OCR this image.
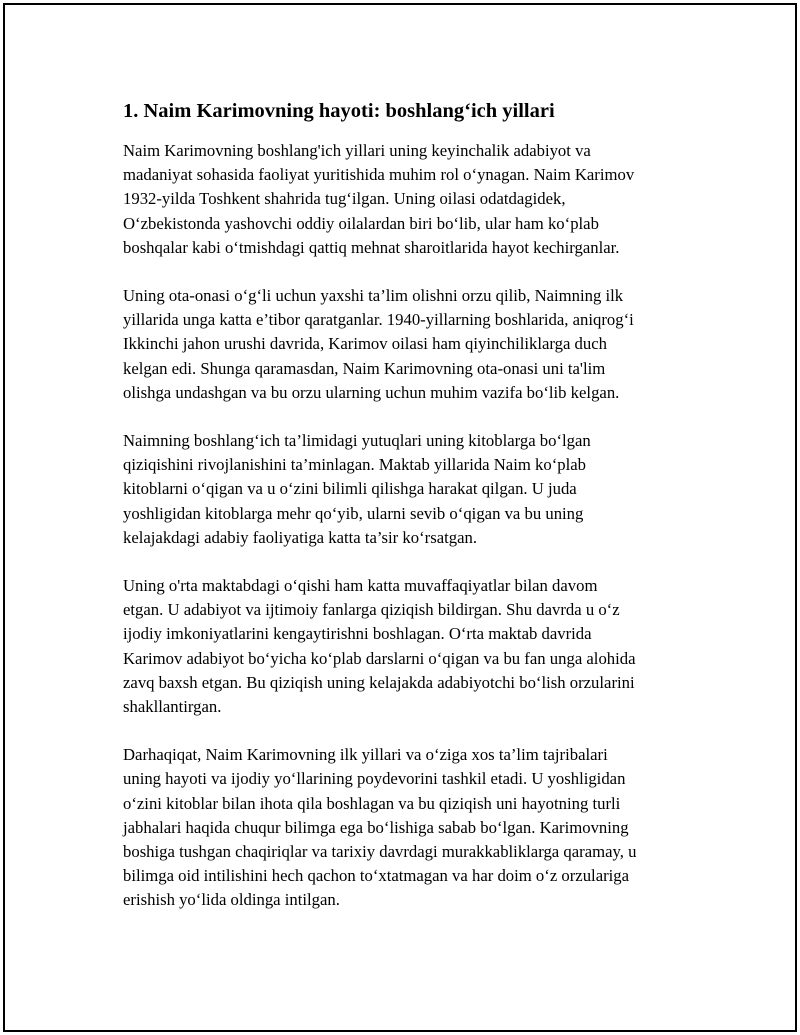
1. Naim Karimovning hayoti: boshlang‘ich yillari

Naim Karimovning boshlang'ich yillari uning keyinchalik adabiyot va
madaniyat sohasida faoliyat yuritishida muhim rol o‘ynagan. Naim Karimov
1932-yilda Toshkent shahrida tug‘ilgan. Uning oilasi odatdagidek,
O‘zbekistonda yashovchi oddiy oilalardan biri bo‘lib, ular ham ko‘plab
boshqalar kabi o‘tmishdagi qattiq mehnat sharoitlarida hayot kechirganlar.

Uning ota-onasi o‘g‘li uchun yaxshi ta’lim olishni orzu qilib, Naimning ilk
yillarida unga katta e’tibor qaratganlar. 1940-yillarning boshlarida, aniqrog‘i
Ikkinchi jahon urushi davrida, Karimov oilasi ham qiyinchiliklarga duch
kelgan edi. Shunga qaramasdan, Naim Karimovning ota-onasi uni ta'lim
olishga undashgan va bu orzu ularning uchun muhim vazifa bo‘lib kelgan.

Naimning boshlang‘ich ta’limidagi yutuqlari uning kitoblarga bo‘lgan
qiziqishini rivojlanishini ta’minlagan. Maktab yillarida Naim ko‘plab
kitoblarni o‘qigan va u o‘zini bilimli qilishga harakat qilgan. U juda
yoshligidan kitoblarga mehr qo‘yib, ularni sevib o‘qigan va bu uning
kelajakdagi adabiy faoliyatiga katta ta’sir ko‘rsatgan.

Uning o'rta maktabdagi o‘qishi ham katta muvaffaqiyatlar bilan davom
etgan. U adabiyot va ijtimoiy fanlarga qiziqish bildirgan. Shu davrda u o‘z
ijodiy imkoniyatlarini kengaytirishni boshlagan. O‘rta maktab davrida
Karimov adabiyot bo‘yicha ko‘plab darslarni o‘qigan va bu fan unga alohida
zavq baxsh etgan. Bu qiziqish uning kelajakda adabiyotchi bo‘lish orzularini
shakllantirgan.

Darhaqiqat, Naim Karimovning ilk yillari va o‘ziga xos ta’lim tajribalari
uning hayoti va ijodiy yo‘llarining poydevorini tashkil etadi. U yoshligidan
o‘zini kitoblar bilan ihota qila boshlagan va bu qiziqish uni hayotning turli
jabhalari haqida chuqur bilimga ega bo‘lishiga sabab bo‘lgan. Karimovning
boshiga tushgan chaqiriqlar va tarixiy davrdagi murakkabliklarga qaramay, u
bilimga oid intilishini hech qachon to‘xtatmagan va har doim o‘z orzulariga
erishish yo‘lida oldinga intilgan.
